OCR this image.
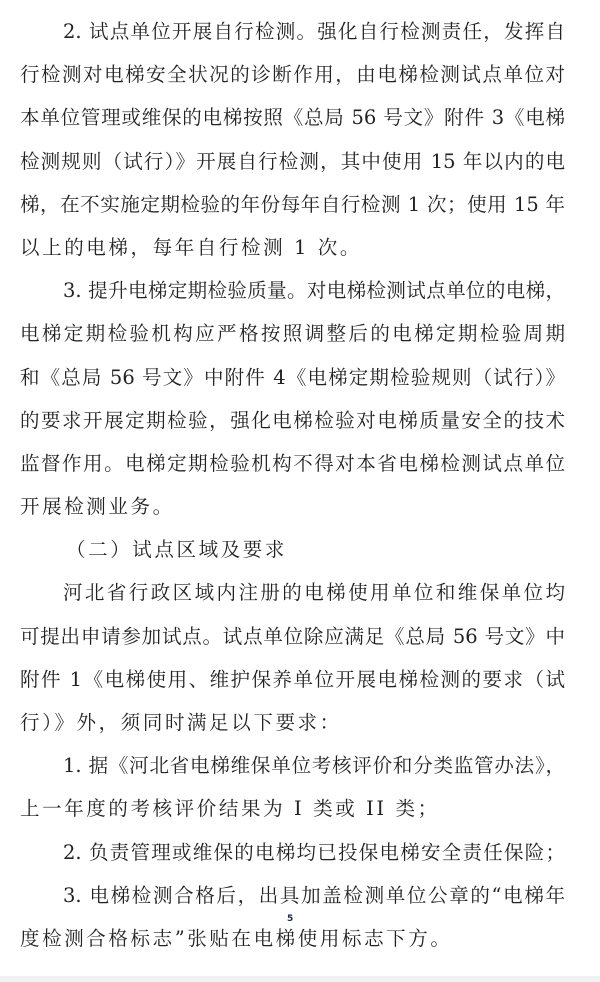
2. 试点单位开展自行检测。强化自行检测责任，发挥自
行检测对电梯安全状况的诊断作用，由电梯检测试点单位对
本单位管理或维保的电梯按照《总局 56 号文》附件 3《电梯
检测规则（试行）》开展自行检测，其中使用 15 年以内的电
梯，在不实施定期检验的年份每年自行检测 1 次；使用 15 年
以上的电梯，每年自行检测 1 次。
3. 提升电梯定期检验质量。对电梯检测试点单位的电梯，
电梯定期检验机构应严格按照调整后的电梯定期检验周期
和《总局 56 号文》中附件 4《电梯定期检验规则（试行）》
的要求开展定期检验，强化电梯检验对电梯质量安全的技术
监督作用。电梯定期检验机构不得对本省电梯检测试点单位
开展检测业务。
（二）试点区域及要求
河北省行政区域内注册的电梯使用单位和维保单位均
可提出申请参加试点。试点单位除应满足《总局 56 号文》中
附件 1《电梯使用、维护保养单位开展电梯检测的要求（试
行）》外，须同时满足以下要求：
1. 据《河北省电梯维保单位考核评价和分类监管办法》，
上一年度的考核评价结果为 I 类或 II 类；
2. 负责管理或维保的电梯均已投保电梯安全责任保险；
3. 电梯检测合格后，出具加盖检测单位公章的“电梯年
度检测合格标志”张贴在电梯使用标志下方。
5
